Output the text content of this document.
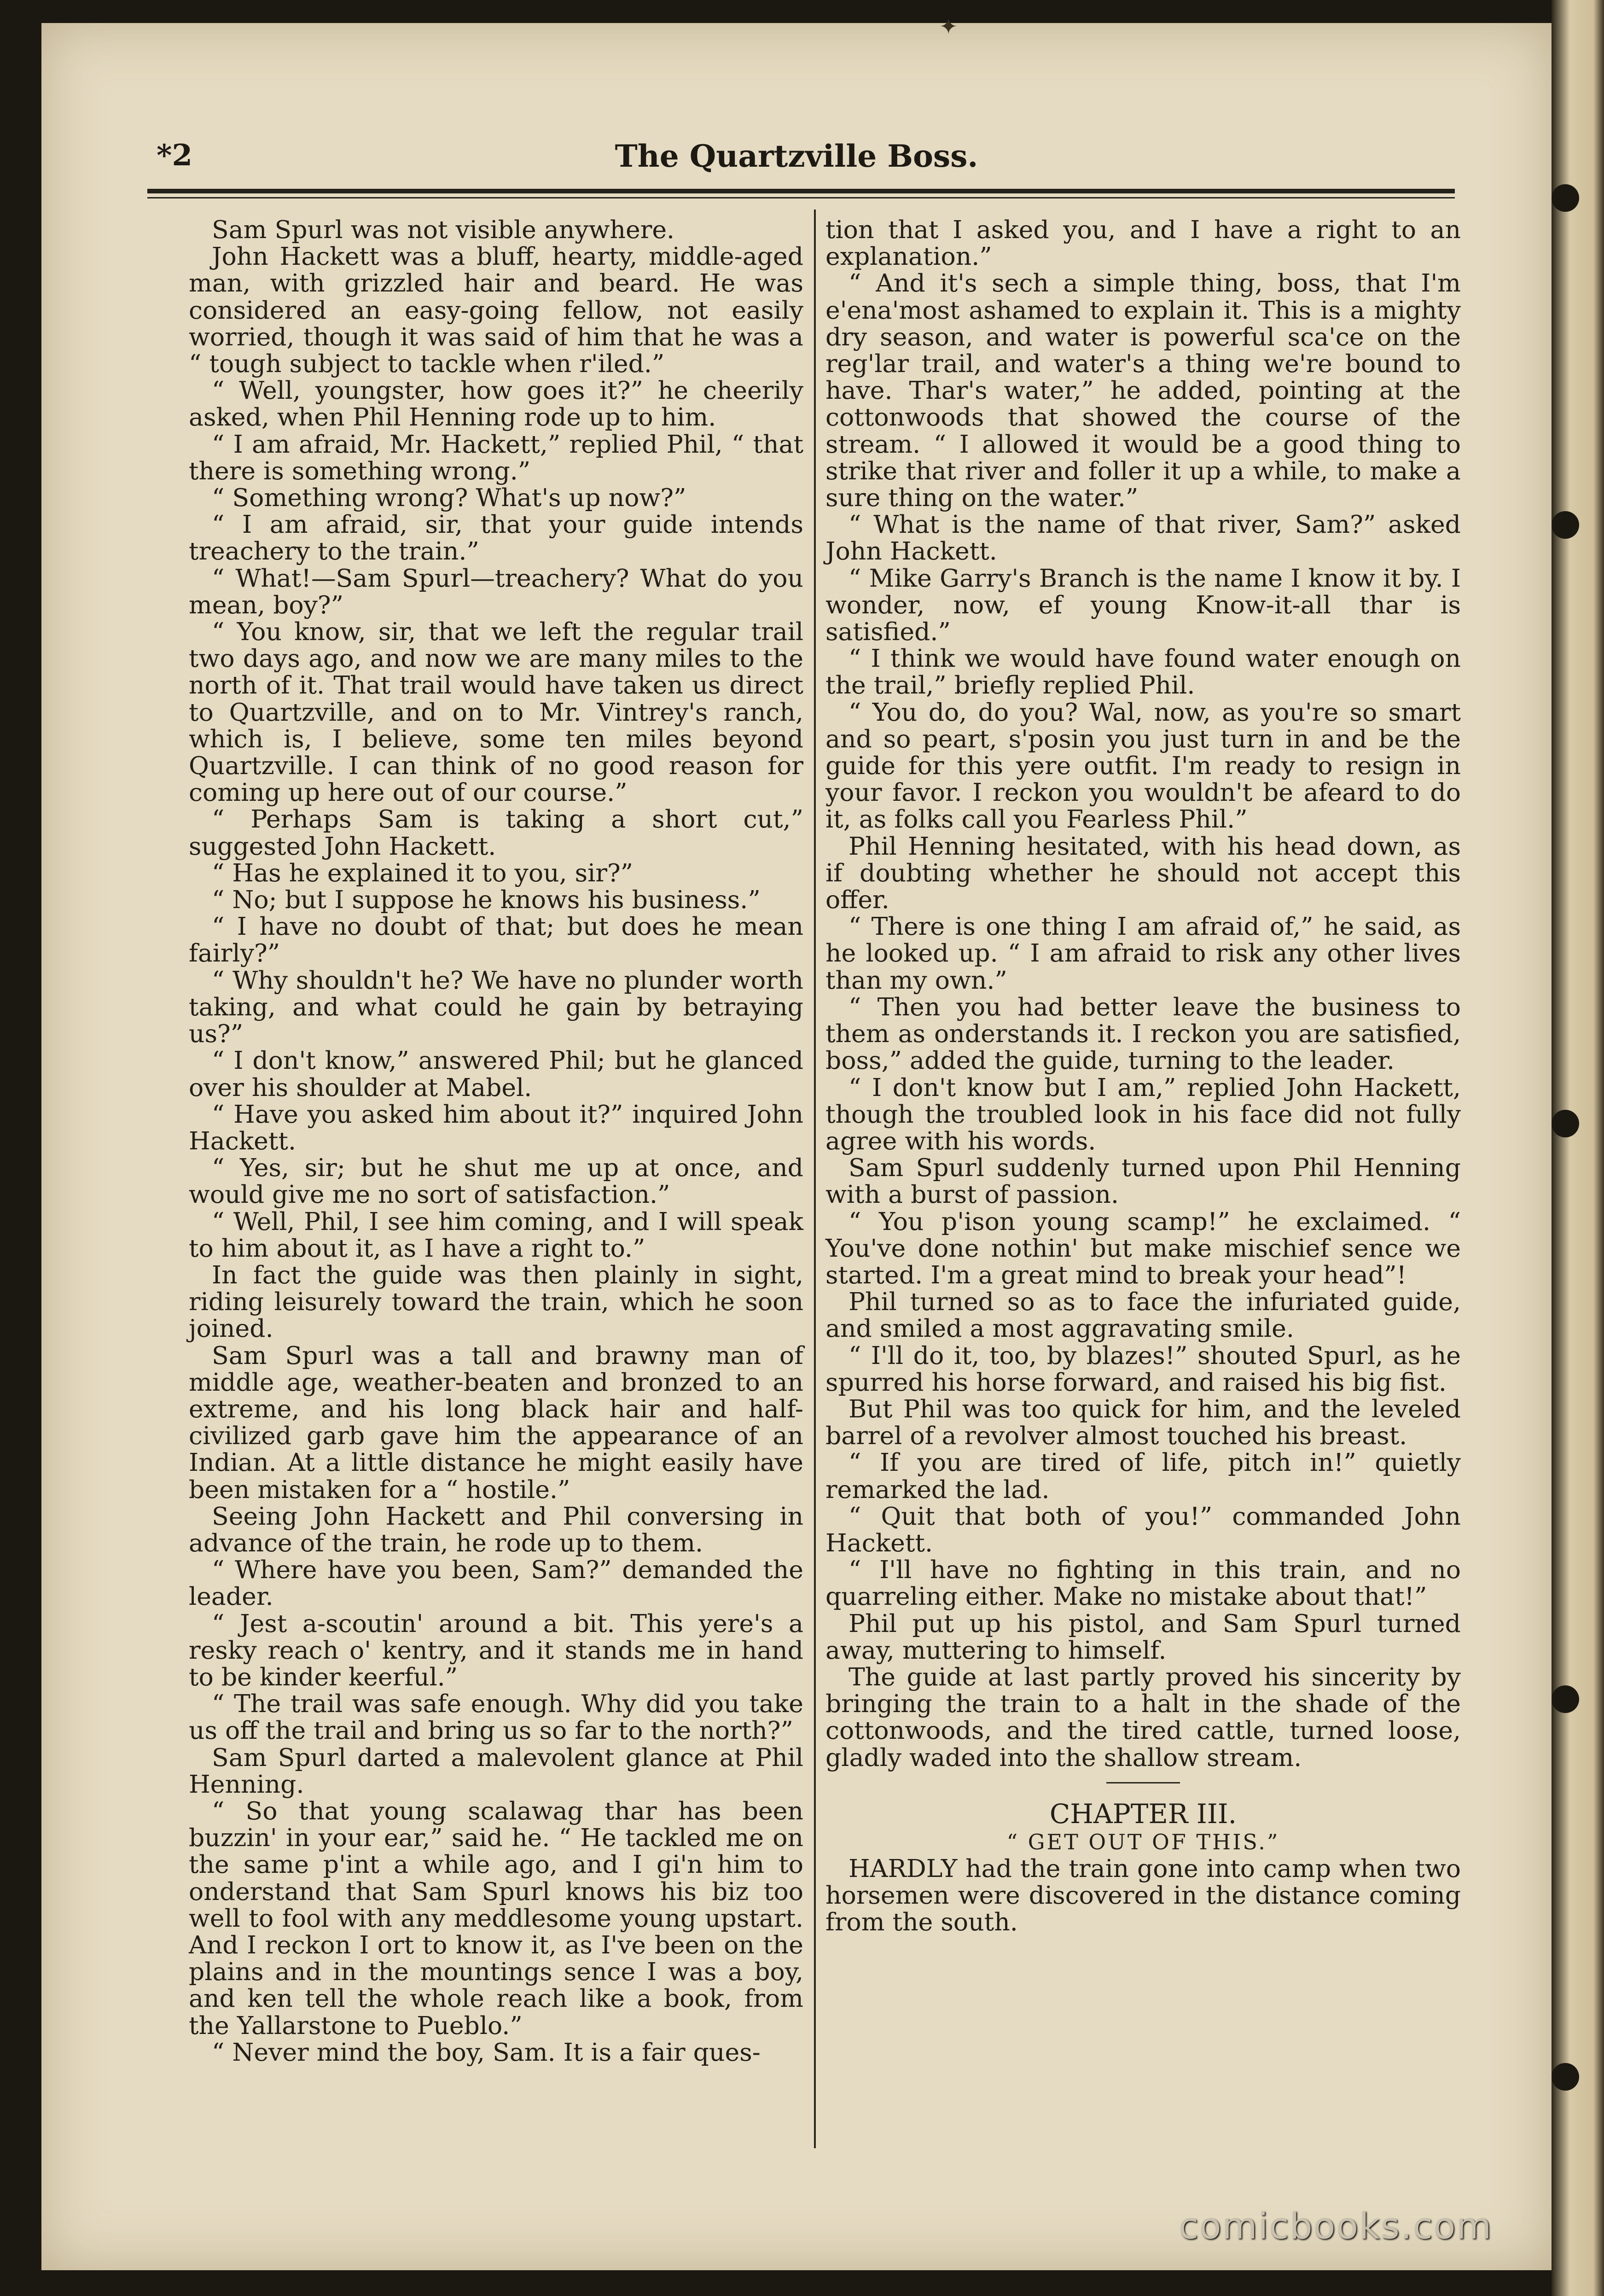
✦
*2	The Quartzville Boss.

Sam Spurl was not visible anywhere.

John Hackett was a bluff, hearty, middle-aged man, with grizzled hair and beard. He was considered an easy-going fellow, not easily worried, though it was said of him that he was a “ tough subject to tackle when r'iled.”

“ Well, youngster, how goes it?” he cheerily asked, when Phil Henning rode up to him.

“ I am afraid, Mr. Hackett,” replied Phil, “ that there is something wrong.”

“ Something wrong? What's up now?”

“ I am afraid, sir, that your guide intends treachery to the train.”

“ What!—Sam Spurl—treachery? What do you mean, boy?”

“ You know, sir, that we left the regular trail two days ago, and now we are many miles to the north of it. That trail would have taken us direct to Quartzville, and on to Mr. Vintrey's ranch, which is, I believe, some ten miles beyond Quartzville. I can think of no good reason for coming up here out of our course.”

“ Perhaps Sam is taking a short cut,” suggested John Hackett.

“ Has he explained it to you, sir?”

“ No; but I suppose he knows his business.”

“ I have no doubt of that; but does he mean fairly?”

“ Why shouldn't he? We have no plunder worth taking, and what could he gain by betraying us?”

“ I don't know,” answered Phil; but he glanced over his shoulder at Mabel.

“ Have you asked him about it?” inquired John Hackett.

“ Yes, sir; but he shut me up at once, and would give me no sort of satisfaction.”

“ Well, Phil, I see him coming, and I will speak to him about it, as I have a right to.”

In fact the guide was then plainly in sight, riding leisurely toward the train, which he soon joined.

Sam Spurl was a tall and brawny man of middle age, weather-beaten and bronzed to an extreme, and his long black hair and half-civilized garb gave him the appearance of an Indian. At a little distance he might easily have been mistaken for a “ hostile.”

Seeing John Hackett and Phil conversing in advance of the train, he rode up to them.

“ Where have you been, Sam?” demanded the leader.

“ Jest a-scoutin' around a bit. This yere's a resky reach o' kentry, and it stands me in hand to be kinder keerful.”

“ The trail was safe enough. Why did you take us off the trail and bring us so far to the north?”

Sam Spurl darted a malevolent glance at Phil Henning.

“ So that young scalawag thar has been buzzin' in your ear,” said he. “ He tackled me on the same p'int a while ago, and I gi'n him to onderstand that Sam Spurl knows his biz too well to fool with any meddlesome young upstart. And I reckon I ort to know it, as I've been on the plains and in the mountings sence I was a boy, and ken tell the whole reach like a book, from the Yallarstone to Pueblo.”

“ Never mind the boy, Sam. It is a fair ques-

tion that I asked you, and I have a right to an explanation.”

“ And it's sech a simple thing, boss, that I'm e'ena'most ashamed to explain it. This is a mighty dry season, and water is powerful sca'ce on the reg'lar trail, and water's a thing we're bound to have. Thar's water,” he added, pointing at the cottonwoods that showed the course of the stream. “ I allowed it would be a good thing to strike that river and foller it up a while, to make a sure thing on the water.”

“ What is the name of that river, Sam?” asked John Hackett.

“ Mike Garry's Branch is the name I know it by. I wonder, now, ef young Know-it-all thar is satisfied.”

“ I think we would have found water enough on the trail,” briefly replied Phil.

“ You do, do you? Wal, now, as you're so smart and so peart, s'posin you just turn in and be the guide for this yere outfit. I'm ready to resign in your favor. I reckon you wouldn't be afeard to do it, as folks call you Fearless Phil.”

Phil Henning hesitated, with his head down, as if doubting whether he should not accept this offer.

“ There is one thing I am afraid of,” he said, as he looked up. “ I am afraid to risk any other lives than my own.”

“ Then you had better leave the business to them as onderstands it. I reckon you are satisfied, boss,” added the guide, turning to the leader.

“ I don't know but I am,” replied John Hackett, though the troubled look in his face did not fully agree with his words.

Sam Spurl suddenly turned upon Phil Henning with a burst of passion.

“ You p'ison young scamp!” he exclaimed. “ You've done nothin' but make mischief sence we started. I'm a great mind to break your head”!

Phil turned so as to face the infuriated guide, and smiled a most aggravating smile.

“ I'll do it, too, by blazes!” shouted Spurl, as he spurred his horse forward, and raised his big fist.

But Phil was too quick for him, and the leveled barrel of a revolver almost touched his breast.

“ If you are tired of life, pitch in!” quietly remarked the lad.

“ Quit that both of you!” commanded John Hackett.

“ I'll have no fighting in this train, and no quarreling either. Make no mistake about that!”

Phil put up his pistol, and Sam Spurl turned away, muttering to himself.

The guide at last partly proved his sincerity by bringing the train to a halt in the shade of the cottonwoods, and the tired cattle, turned loose, gladly waded into the shallow stream.

CHAPTER III.
“ GET OUT OF THIS.”

HARDLY had the train gone into camp when two horsemen were discovered in the distance coming from the south.

comicbooks.com
